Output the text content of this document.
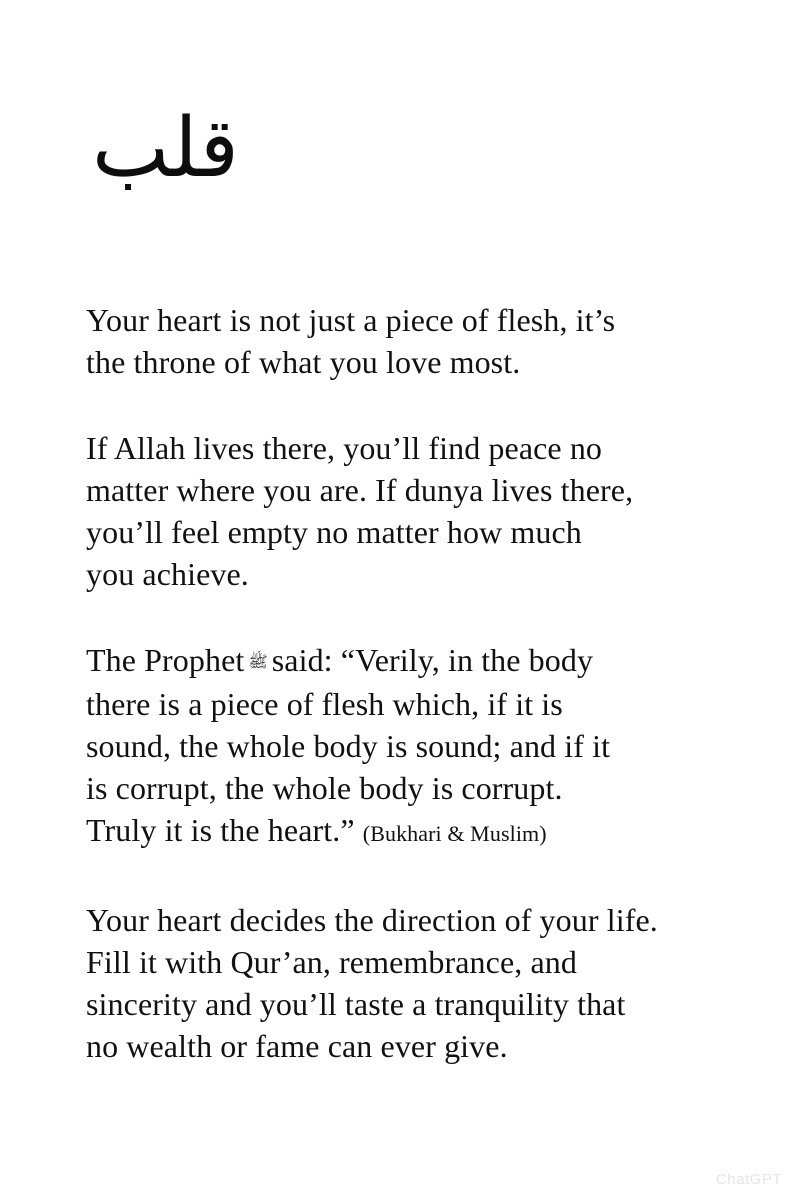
قلب

Your heart is not just a piece of flesh, it’s
the throne of what you love most.

If Allah lives there, you’ll find peace no
matter where you are. If dunya lives there,
you’ll feel empty no matter how much
you achieve.

The Prophet ﷺ said: “Verily, in the body
there is a piece of flesh which, if it is
sound, the whole body is sound; and if it
is corrupt, the whole body is corrupt.
Truly it is the heart.” (Bukhari & Muslim)

Your heart decides the direction of your life.
Fill it with Qur’an, remembrance, and
sincerity and you’ll taste a tranquility that
no wealth or fame can ever give.

ChatGPT
